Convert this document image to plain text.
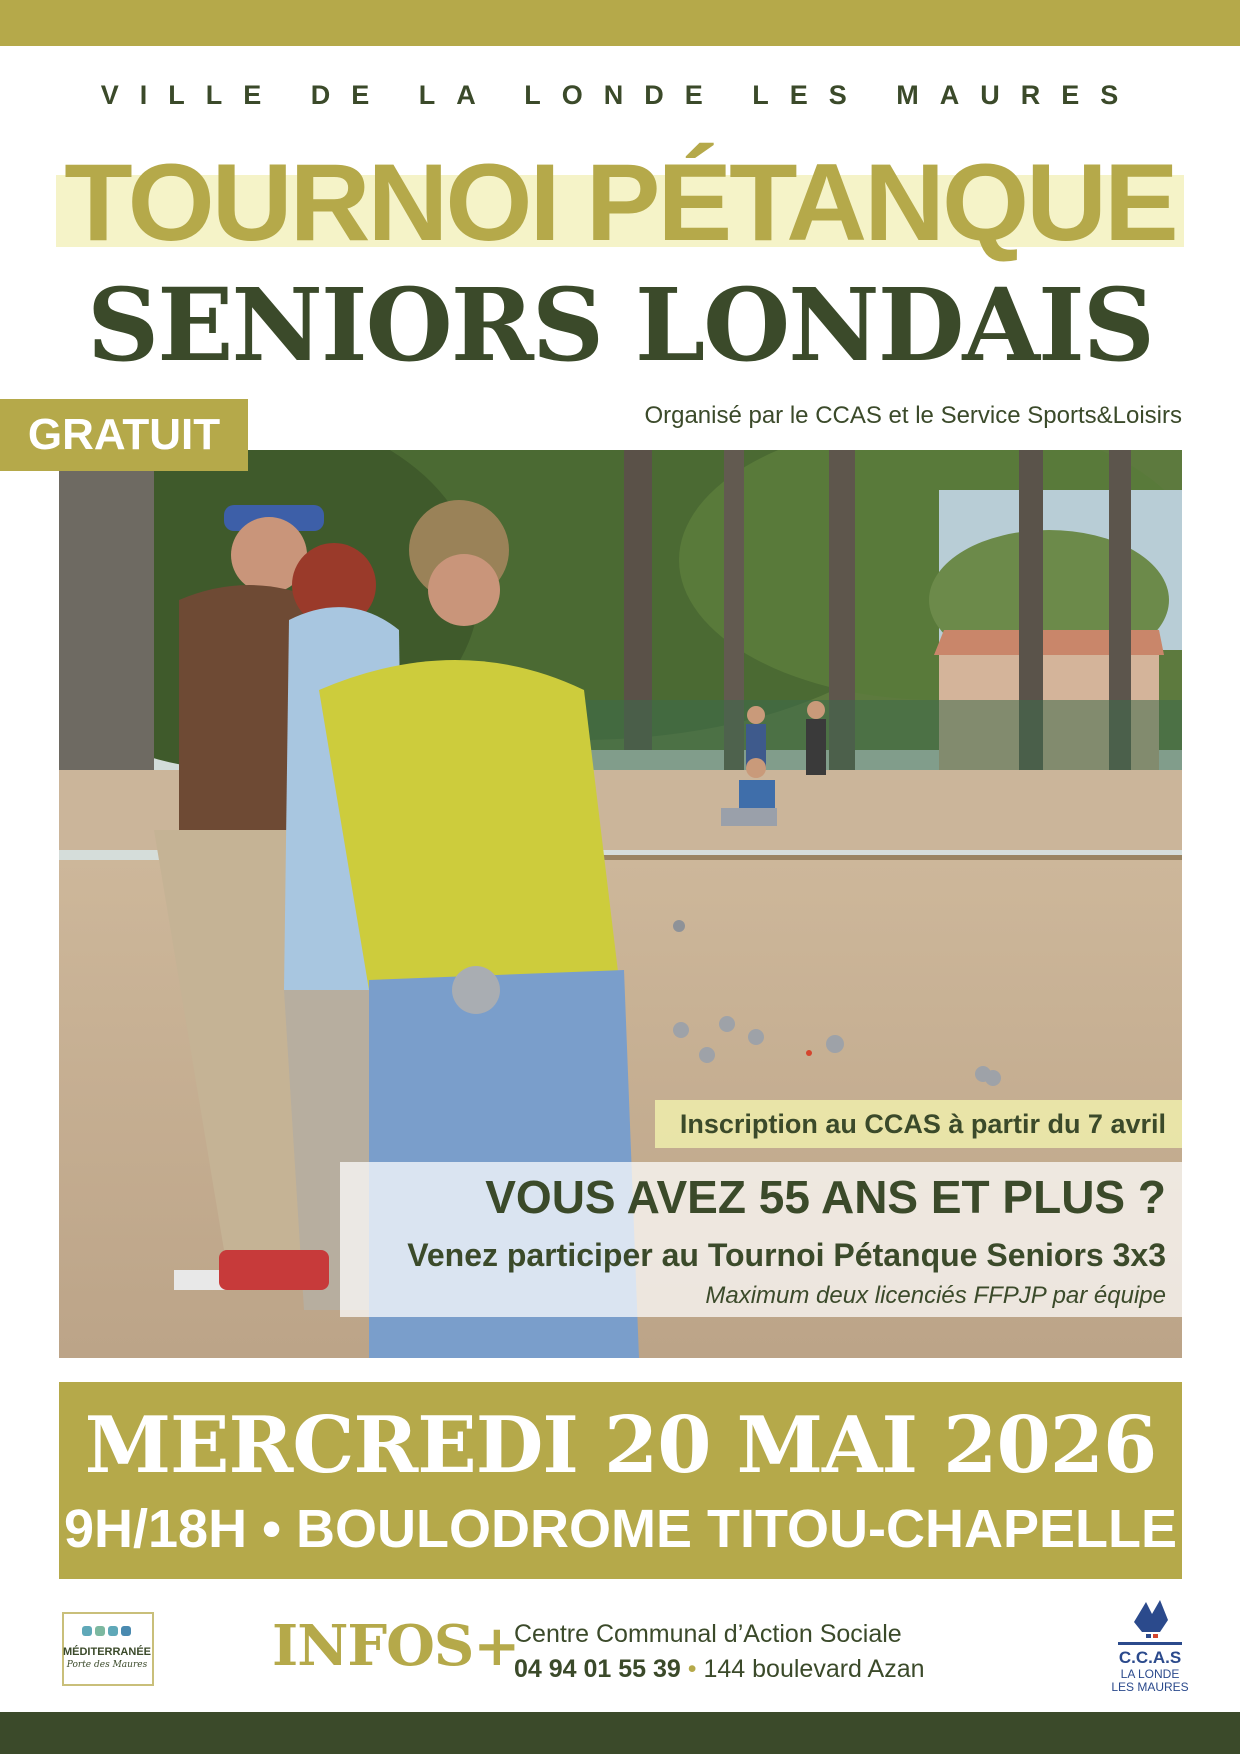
VILLE DE LA LONDE LES MAURES
TOURNOI PÉTANQUE
SENIORS LONDAIS
Organisé par le CCAS et le Service Sports&Loisirs
GRATUIT
Inscription au CCAS à partir du 7 avril
VOUS AVEZ 55 ANS ET PLUS ?
Venez participer au Tournoi Pétanque Seniors 3x3
Maximum deux licenciés FFPJP par équipe
MERCREDI 20 MAI 2026
9H/18H • BOULODROME TITOU-CHAPELLE
MÉDITERRANÉE
Porte des Maures INFOS+
Centre Communal d’Action Sociale
04 94 01 55 39 • 144 boulevard Azan	C.C.A.S
LA LONDE
LES MAURES
